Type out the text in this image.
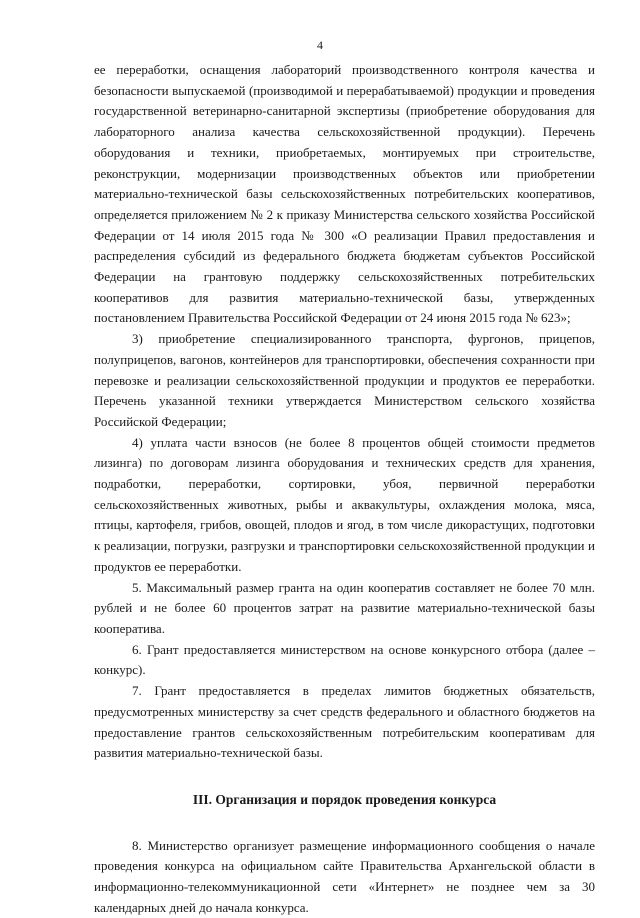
4

ее переработки, оснащения лабораторий производственного контроля качества и безопасности выпускаемой (производимой и перерабатываемой) продукции и проведения государственной ветеринарно-санитарной экспертизы (приобретение оборудования для лабораторного анализа качества сельскохозяйственной продукции). Перечень оборудования и техники, приобретаемых, монтируемых при строительстве, реконструкции, модернизации производственных объектов или приобретении материально-технической базы сельскохозяйственных потребительских кооперативов, определяется приложением № 2 к приказу Министерства сельского хозяйства Российской Федерации от 14 июля 2015 года № 300 «О реализации Правил предоставления и распределения субсидий из федерального бюджета бюджетам субъектов Российской Федерации на грантовую поддержку сельскохозяйственных потребительских кооперативов для развития материально-технической базы, утвержденных постановлением Правительства Российской Федерации от 24 июня 2015 года № 623»;

3) приобретение специализированного транспорта, фургонов, прицепов, полуприцепов, вагонов, контейнеров для транспортировки, обеспечения сохранности при перевозке и реализации сельскохозяйственной продукции и продуктов ее переработки. Перечень указанной техники утверждается Министерством сельского хозяйства Российской Федерации;

4) уплата части взносов (не более 8 процентов общей стоимости предметов лизинга) по договорам лизинга оборудования и технических средств для хранения, подработки, переработки, сортировки, убоя, первичной переработки сельскохозяйственных животных, рыбы и аквакультуры, охлаждения молока, мяса, птицы, картофеля, грибов, овощей, плодов и ягод, в том числе дикорастущих, подготовки к реализации, погрузки, разгрузки и транспортировки сельскохозяйственной продукции и продуктов ее переработки.

5. Максимальный размер гранта на один кооператив составляет не более 70 млн. рублей и не более 60 процентов затрат на развитие материально-технической базы кооператива.

6. Грант предоставляется министерством на основе конкурсного отбора (далее – конкурс).

7. Грант предоставляется в пределах лимитов бюджетных обязательств, предусмотренных министерству за счет средств федерального и областного бюджетов на предоставление грантов сельскохозяйственным потребительским кооперативам для развития материально-технической базы.

III. Организация и порядок проведения конкурса

8. Министерство организует размещение информационного сообщения о начале проведения конкурса на официальном сайте Правительства Архангельской области в информационно-телекоммуникационной сети «Интернет» не позднее чем за 30 календарных дней до начала конкурса.
